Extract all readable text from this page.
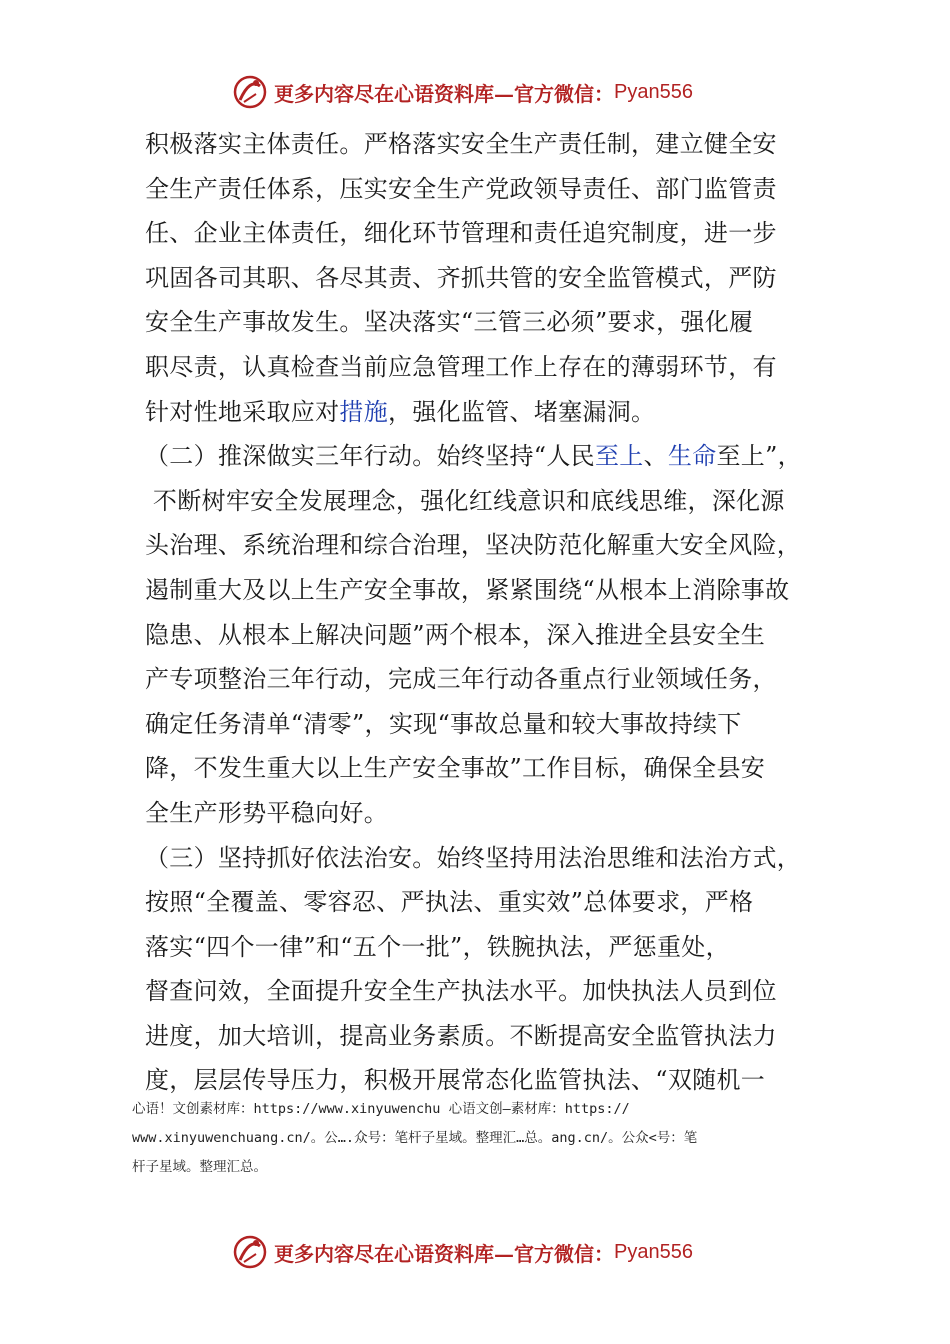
更多内容尽在心语资料库—官方微信： Pyan556
积极落实主体责任。严格落实安全生产责任制，建立健全安
全生产责任体系，压实安全生产党政领导责任、部门监管责
任、企业主体责任，细化环节管理和责任追究制度，进一步
巩固各司其职、各尽其责、齐抓共管的安全监管模式，严防
安全生产事故发生。坚决落实“三管三必须”要求，强化履
职尽责，认真检查当前应急管理工作上存在的薄弱环节，有
针对性地采取应对措施，强化监管、堵塞漏洞。
（二）推深做实三年行动。始终坚持“人民至上、生命至上”，
不断树牢安全发展理念，强化红线意识和底线思维，深化源
头治理、系统治理和综合治理，坚决防范化解重大安全风险，
遏制重大及以上生产安全事故，紧紧围绕“从根本上消除事故
隐患、从根本上解决问题”两个根本，深入推进全县安全生
产专项整治三年行动，完成三年行动各重点行业领域任务，
确定任务清单“清零”，实现“事故总量和较大事故持续下
降，不发生重大以上生产安全事故”工作目标，确保全县安
全生产形势平稳向好。
（三）坚持抓好依法治安。始终坚持用法治思维和法治方式，
按照“全覆盖、零容忍、严执法、重实效”总体要求，严格
落实“四个一律”和“五个一批”，铁腕执法，严惩重处，
督查问效，全面提升安全生产执法水平。加快执法人员到位
进度，加大培训，提高业务素质。不断提高安全监管执法力
度，层层传导压力，积极开展常态化监管执法、“双随机一
心语！文创素材库：https://www.xinyuwenchu 心语文创—素材库：https://
www.xinyuwenchuang.cn/。公….众号：笔杆子星域。整理汇…总。ang.cn/。公众<号：笔
杆子星域。整理汇总。
更多内容尽在心语资料库—官方微信： Pyan556
